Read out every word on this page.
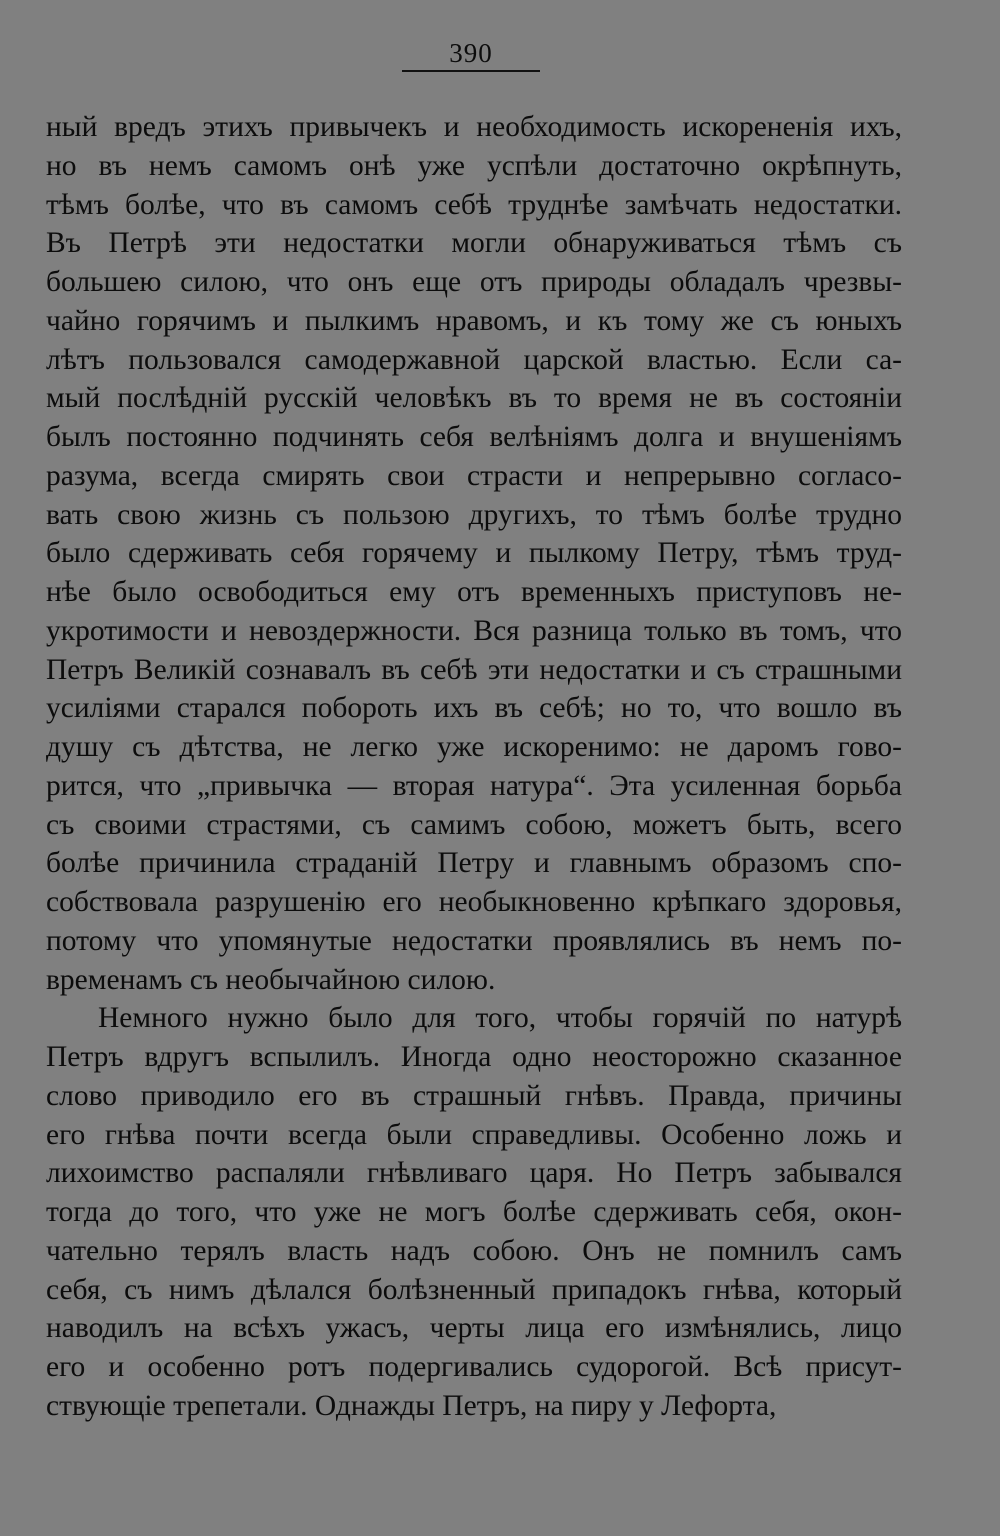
390
ный вредъ этихъ привычекъ и необходимость искорененія ихъ,
но въ немъ самомъ онѣ уже успѣли достаточно окрѣпнуть,
тѣмъ болѣе, что въ самомъ себѣ труднѣе замѣчать недостатки.
Въ Петрѣ эти недостатки могли обнаруживаться тѣмъ съ
большею силою, что онъ еще отъ природы обладалъ чрезвы-
чайно горячимъ и пылкимъ нравомъ, и къ тому же съ юныхъ
лѣтъ пользовался самодержавной царской властью. Если са-
мый послѣдній русскій человѣкъ въ то время не въ состояніи
былъ постоянно подчинять себя велѣніямъ долга и внушеніямъ
разума, всегда смирять свои страсти и непрерывно согласо-
вать свою жизнь съ пользою другихъ, то тѣмъ болѣе трудно
было сдерживать себя горячему и пылкому Петру, тѣмъ труд-
нѣе было освободиться ему отъ временныхъ приступовъ не-
укротимости и невоздержности. Вся разница только въ томъ, что
Петръ Великій сознавалъ въ себѣ эти недостатки и съ страшными
усиліями старался побороть ихъ въ себѣ; но то, что вошло въ
душу съ дѣтства, не легко уже искоренимо: не даромъ гово-
рится, что „привычка — вторая натура“. Эта усиленная борьба
съ своими страстями, съ самимъ собою, можетъ быть, всего
болѣе причинила страданій Петру и главнымъ образомъ спо-
собствовала разрушенію его необыкновенно крѣпкаго здоровья,
потому что упомянутые недостатки проявлялись въ немъ по-
временамъ съ необычайною силою.
Немного нужно было для того, чтобы горячій по натурѣ
Петръ вдругъ вспылилъ. Иногда одно неосторожно сказанное
слово приводило его въ страшный гнѣвъ. Правда, причины
его гнѣва почти всегда были справедливы. Особенно ложь и
лихоимство распаляли гнѣвливаго царя. Но Петръ забывался
тогда до того, что уже не могъ болѣе сдерживать себя, окон-
чательно терялъ власть надъ собою. Онъ не помнилъ самъ
себя, съ нимъ дѣлался болѣзненный припадокъ гнѣва, который
наводилъ на всѣхъ ужасъ, черты лица его измѣнялись, лицо
его и особенно ротъ подергивались судорогой. Всѣ присут-
ствующіе трепетали. Однажды Петръ, на пиру у Лефорта,
